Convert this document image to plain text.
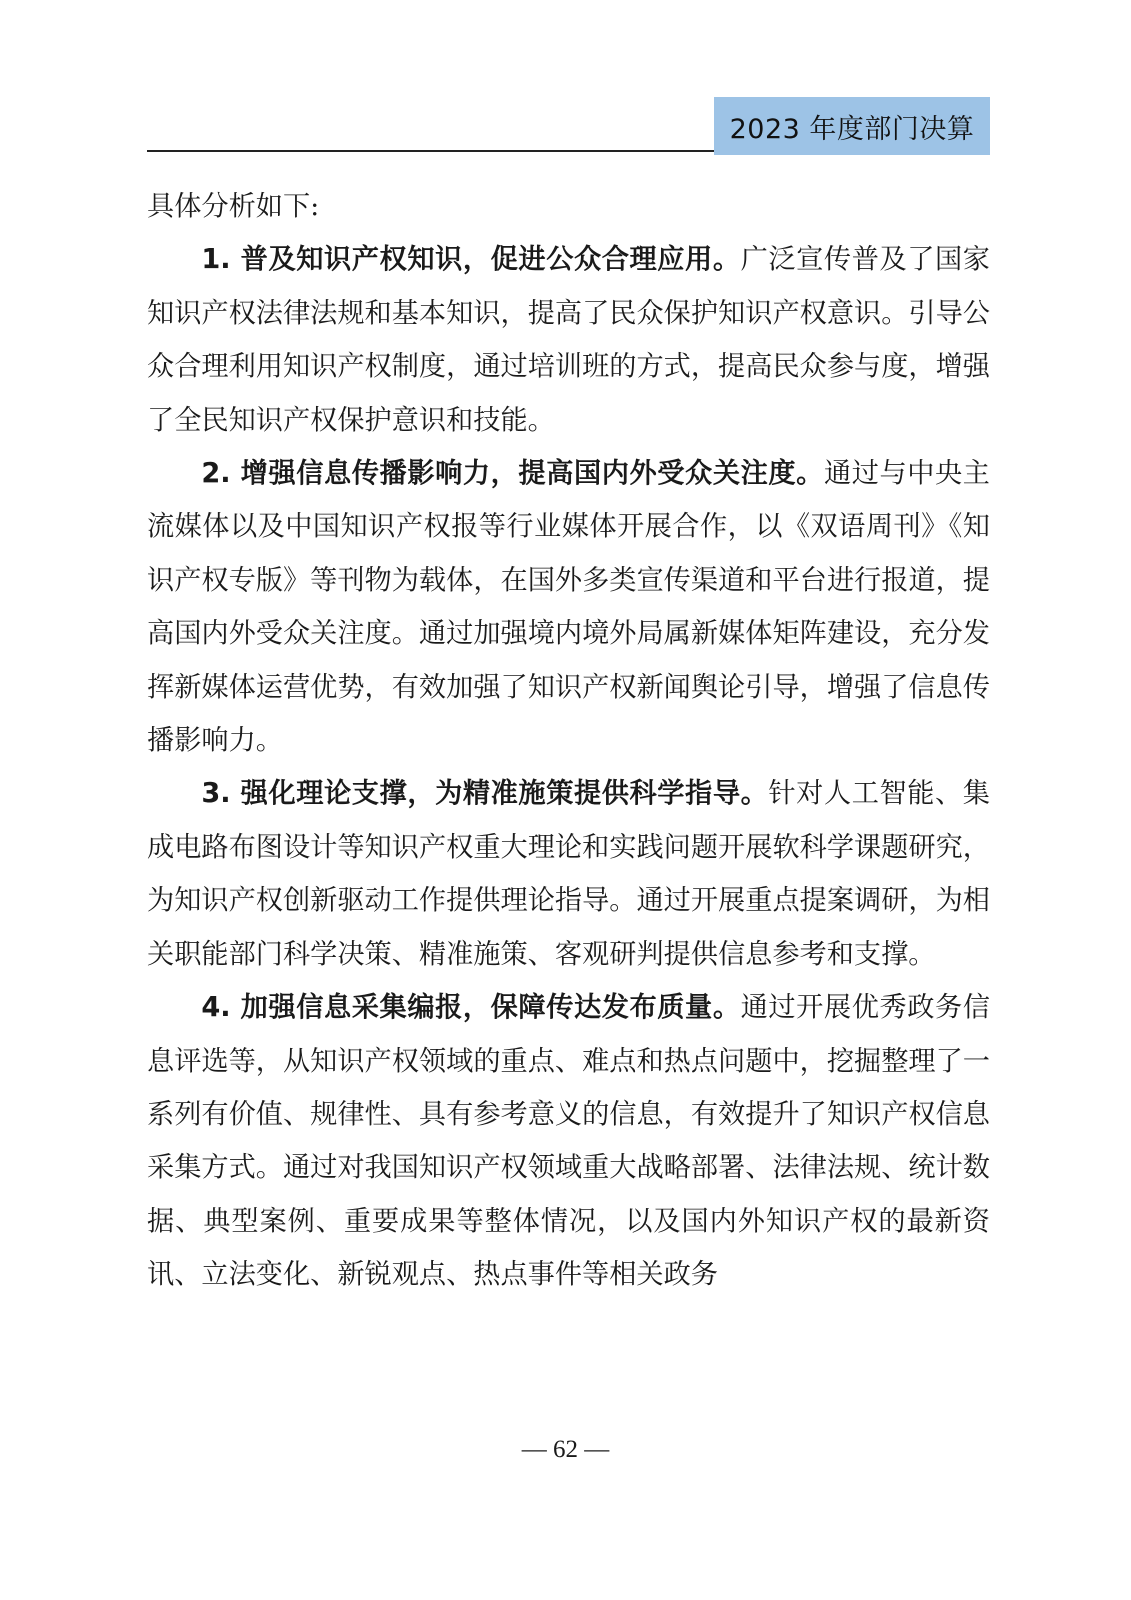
2023 年度部门决算

具体分析如下:

1. 普及知识产权知识，促进公众合理应用。广泛宣传普及了国家知识产权法律法规和基本知识，提高了民众保护知识产权意识。引导公众合理利用知识产权制度，通过培训班的方式，提高民众参与度，增强了全民知识产权保护意识和技能。

2. 增强信息传播影响力，提高国内外受众关注度。通过与中央主流媒体以及中国知识产权报等行业媒体开展合作，以《双语周刊》《知识产权专版》等刊物为载体，在国外多类宣传渠道和平台进行报道，提高国内外受众关注度。通过加强境内境外局属新媒体矩阵建设，充分发挥新媒体运营优势，有效加强了知识产权新闻舆论引导，增强了信息传播影响力。

3. 强化理论支撑，为精准施策提供科学指导。针对人工智能、集成电路布图设计等知识产权重大理论和实践问题开展软科学课题研究，为知识产权创新驱动工作提供理论指导。通过开展重点提案调研，为相关职能部门科学决策、精准施策、客观研判提供信息参考和支撑。

4. 加强信息采集编报，保障传达发布质量。通过开展优秀政务信息评选等，从知识产权领域的重点、难点和热点问题中，挖掘整理了一系列有价值、规律性、具有参考意义的信息，有效提升了知识产权信息采集方式。通过对我国知识产权领域重大战略部署、法律法规、统计数据、典型案例、重要成果等整体情况，以及国内外知识产权的最新资讯、立法变化、新锐观点、热点事件等相关政务

— 62 —
